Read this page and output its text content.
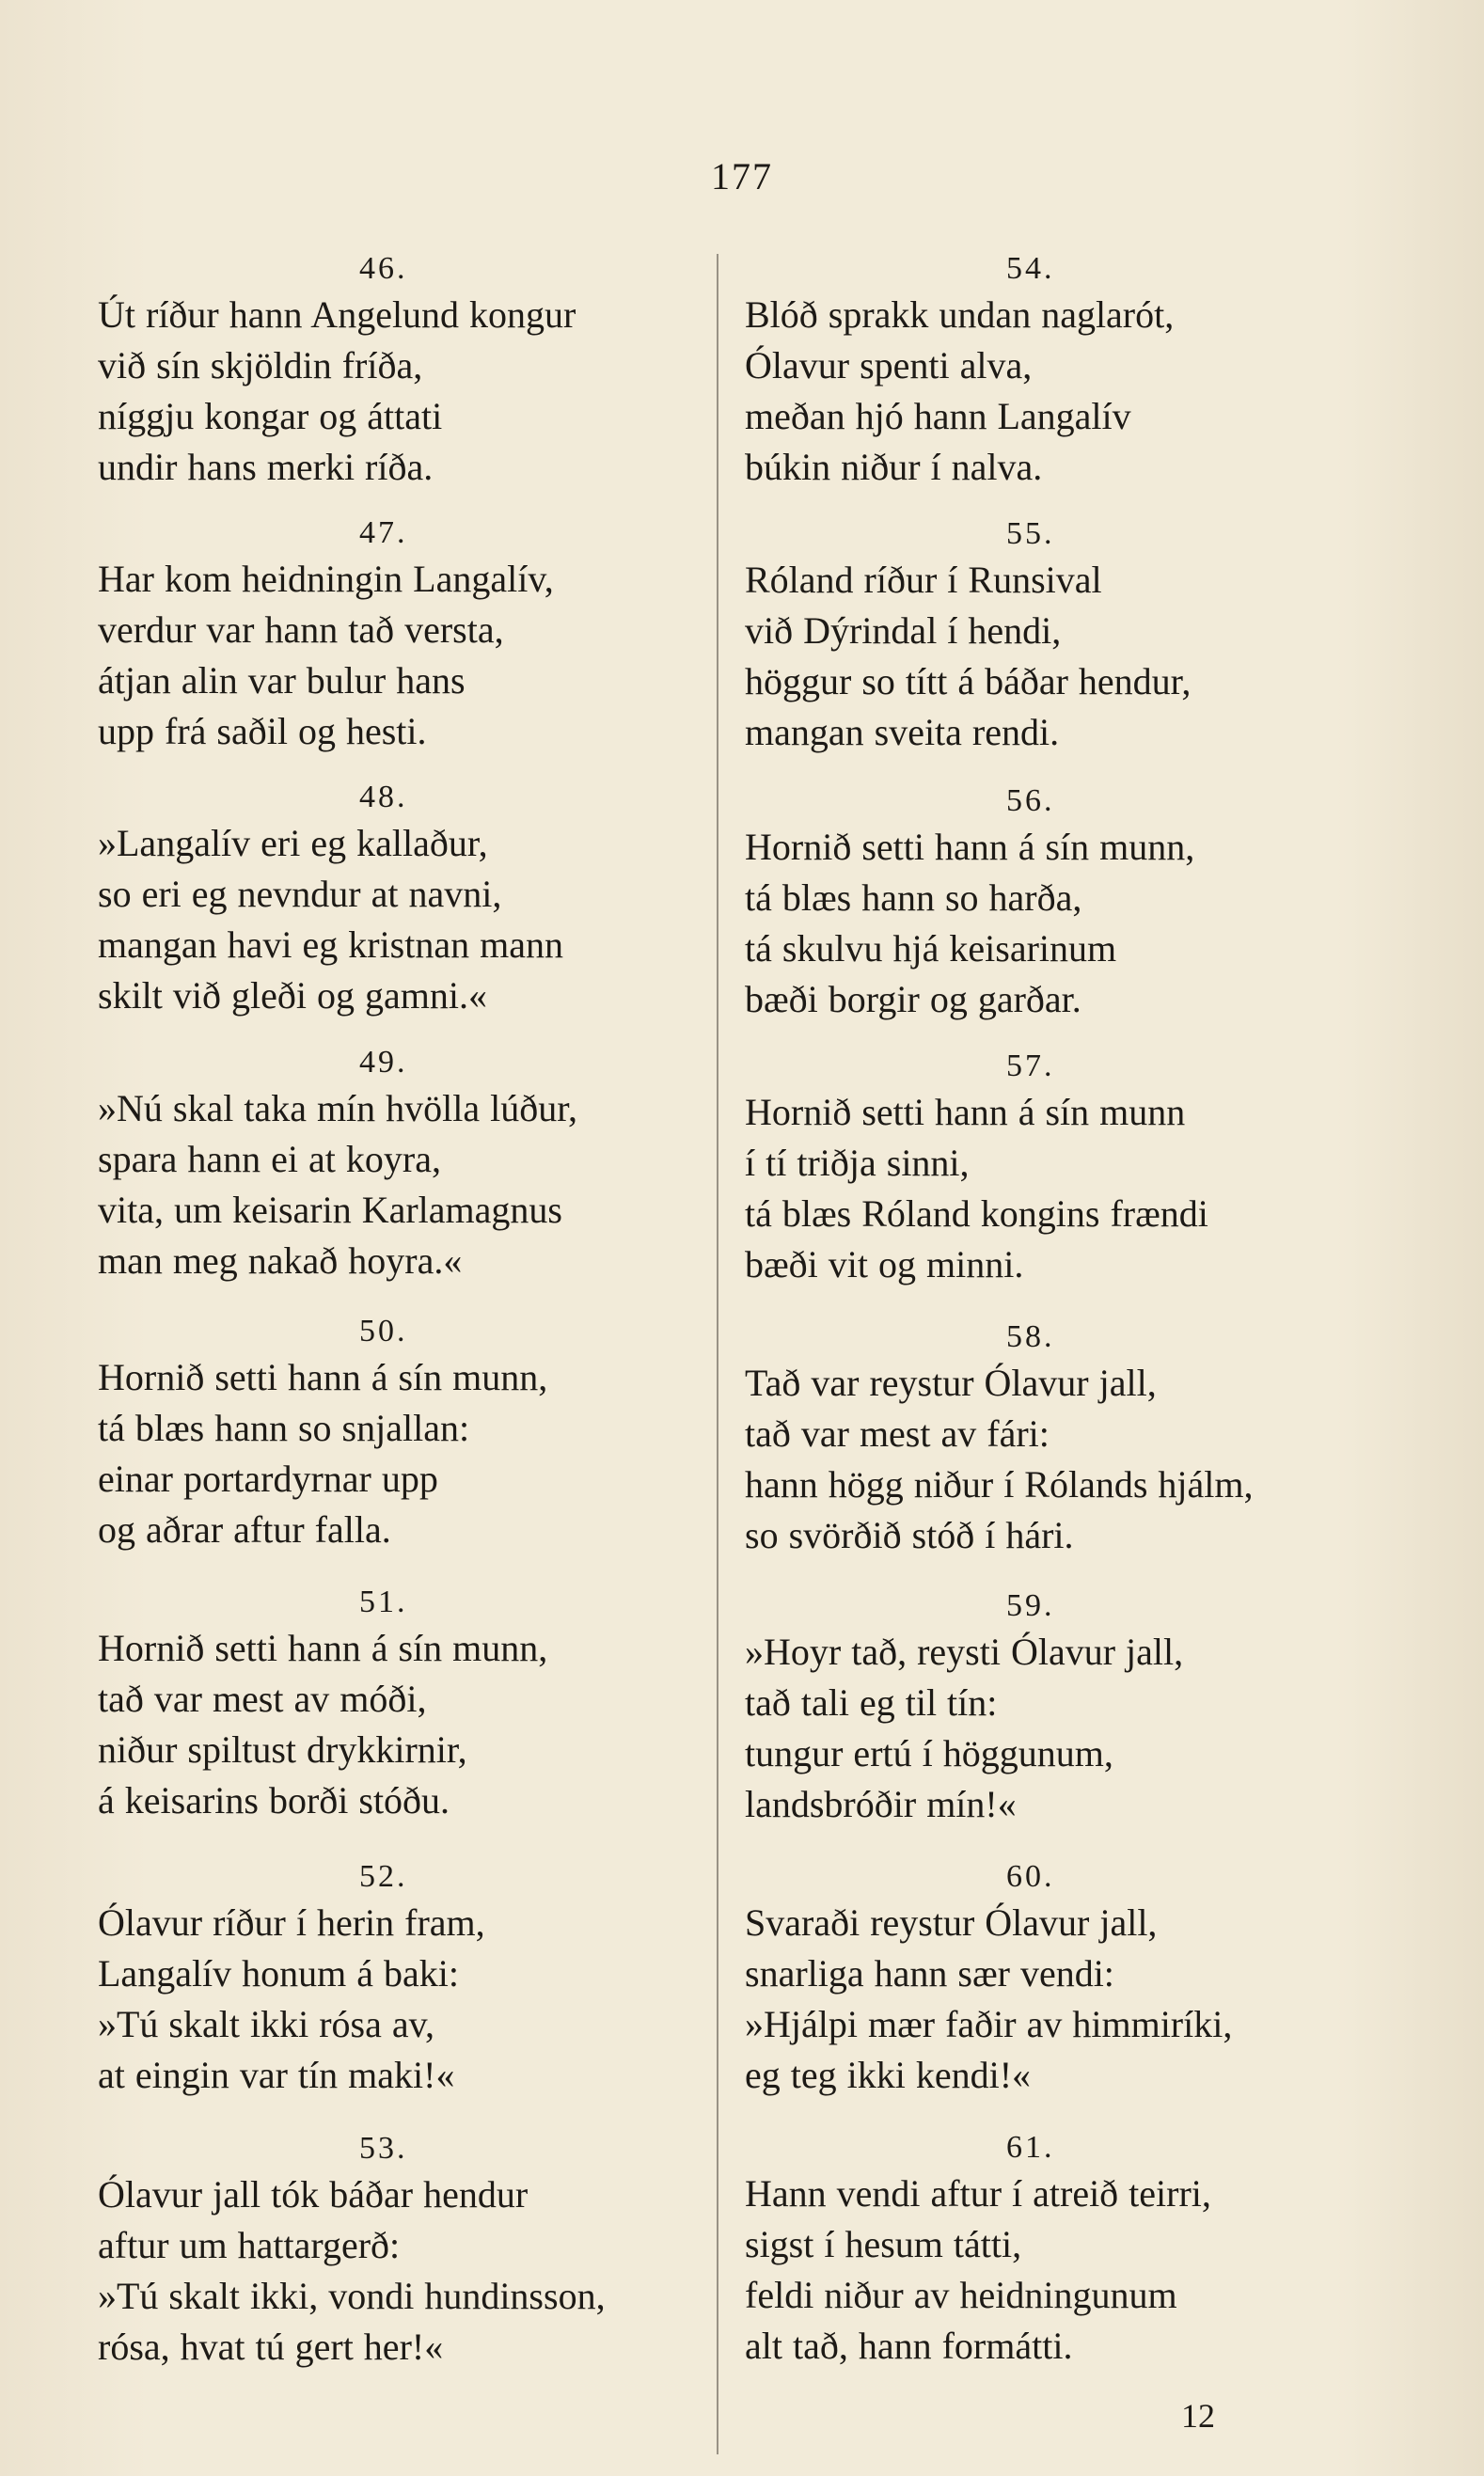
177
46.
Út ríður hann Angelund kongur
við sín skjöldin fríða,
níggju kongar og áttati
undir hans merki ríða.
47.
Har kom heidningin Langalív,
verdur var hann tað versta,
átjan alin var bulur hans
upp frá saðil og hesti.
48.
»Langalív eri eg kallaður,
so eri eg nevndur at navni,
mangan havi eg kristnan mann
skilt við gleði og gamni.«
49.
»Nú skal taka mín hvölla lúður,
spara hann ei at koyra,
vita, um keisarin Karlamagnus
man meg nakað hoyra.«
50.
Hornið setti hann á sín munn,
tá blæs hann so snjallan:
einar portardyrnar upp
og aðrar aftur falla.
51.
Hornið setti hann á sín munn,
tað var mest av móði,
niður spiltust drykkirnir,
á keisarins borði stóðu.
52.
Ólavur ríður í herin fram,
Langalív honum á baki:
»Tú skalt ikki rósa av,
at eingin var tín maki!«
53.
Ólavur jall tók báðar hendur
aftur um hattargerð:
»Tú skalt ikki, vondi hundinsson,
rósa, hvat tú gert her!«
54.
Blóð sprakk undan naglarót,
Ólavur spenti alva,
meðan hjó hann Langalív
búkin niður í nalva.
55.
Róland ríður í Runsival
við Dýrindal í hendi,
höggur so títt á báðar hendur,
mangan sveita rendi.
56.
Hornið setti hann á sín munn,
tá blæs hann so harða,
tá skulvu hjá keisarinum
bæði borgir og garðar.
57.
Hornið setti hann á sín munn
í tí triðja sinni,
tá blæs Róland kongins frændi
bæði vit og minni.
58.
Tað var reystur Ólavur jall,
tað var mest av fári:
hann högg niður í Rólands hjálm,
so svörðið stóð í hári.
59.
»Hoyr tað, reysti Ólavur jall,
tað tali eg til tín:
tungur ertú í höggunum,
landsbróðir mín!«
60.
Svaraði reystur Ólavur jall,
snarliga hann sær vendi:
»Hjálpi mær faðir av himmiríki,
eg teg ikki kendi!«
61.
Hann vendi aftur í atreið teirri,
sigst í hesum tátti,
feldi niður av heidningunum
alt tað, hann formátti.
12
